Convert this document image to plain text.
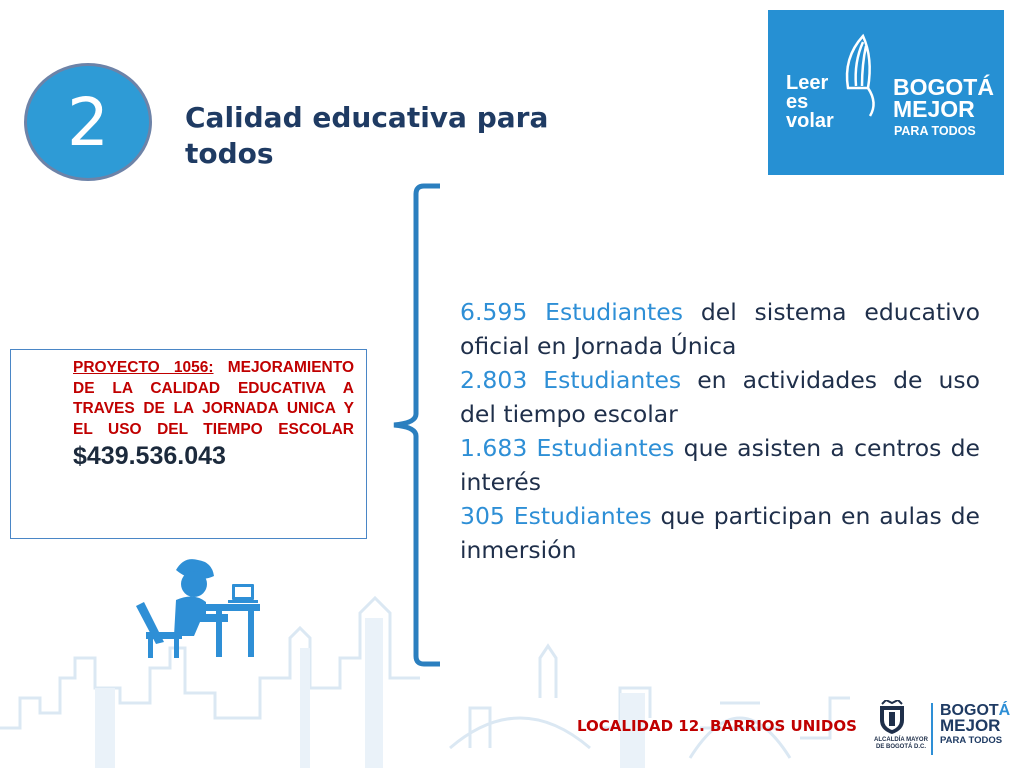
2	Calidad educativa para todos
Leer
es
volar
BOGOTÁ
MEJOR
PARA TODOS
PROYECTO 1056: MEJORAMIENTO DE LA CALIDAD EDUCATIVA A TRAVES DE LA JORNADA UNICA Y EL USO DEL TIEMPO ESCOLAR
$439.536.043
6.595 Estudiantes del sistema educativo oficial en Jornada Única
2.803 Estudiantes en actividades de uso del tiempo escolar
1.683 Estudiantes que asisten a centros de interés
305 Estudiantes que participan en aulas de inmersión
LOCALIDAD 12. BARRIOS UNIDOS
ALCALDÍA MAYOR DE BOGOTÁ D.C.
BOGOTÁ
MEJOR
PARA TODOS
